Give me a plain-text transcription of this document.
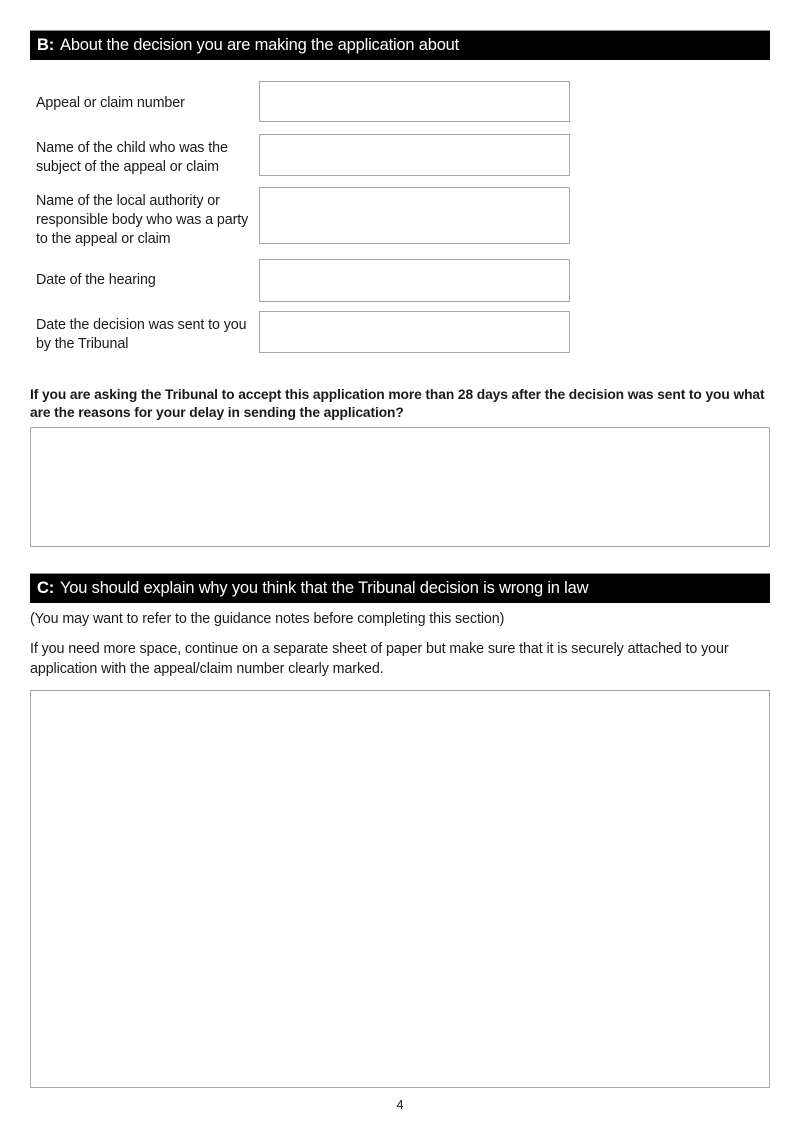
B: About the decision you are making the application about
Appeal or claim number
Name of the child who was the subject of the appeal or claim
Name of the local authority or responsible body who was a party to the appeal or claim
Date of the hearing
Date the decision was sent to you by the Tribunal
If you are asking the Tribunal to accept this application more than 28 days after the decision was sent to you what are the reasons for your delay in sending the application?
C: You should explain why you think that the Tribunal decision is wrong in law
(You may want to refer to the guidance notes before completing this section)
If you need more space, continue on a separate sheet of paper but make sure that it is securely attached to your application with the appeal/claim number clearly marked.
4
